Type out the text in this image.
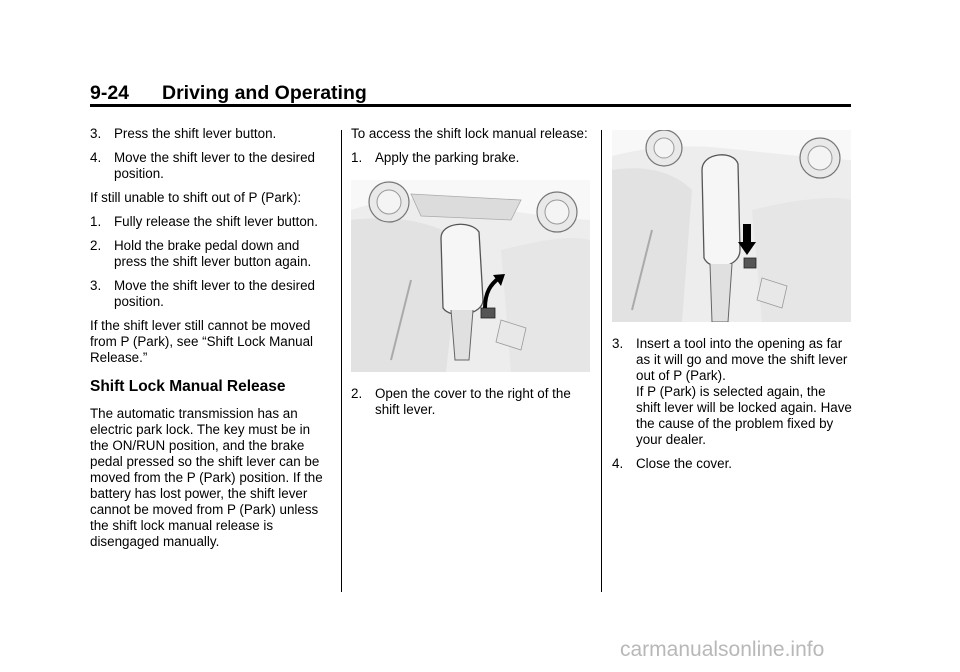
9-24 Driving and Operating
3. Press the shift lever button.
4. Move the shift lever to the desired position.

If still unable to shift out of P (Park):

1. Fully release the shift lever button.
2. Hold the brake pedal down and press the shift lever button again.
3. Move the shift lever to the desired position.

If the shift lever still cannot be moved from P (Park), see “Shift Lock Manual Release.”

Shift Lock Manual Release

The automatic transmission has an electric park lock. The key must be in the ON/RUN position, and the brake pedal pressed so the shift lever can be moved from the P (Park) position. If the battery has lost power, the shift lever cannot be moved from P (Park) unless the shift lock manual release is disengaged manually.

To access the shift lock manual release:

1. Apply the parking brake.
2. Open the cover to the right of the shift lever.
3. Insert a tool into the opening as far as it will go and move the shift lever out of P (Park).
If P (Park) is selected again, the shift lever will be locked again. Have the cause of the problem fixed by your dealer.
4. Close the cover.
carmanualsonline.info
